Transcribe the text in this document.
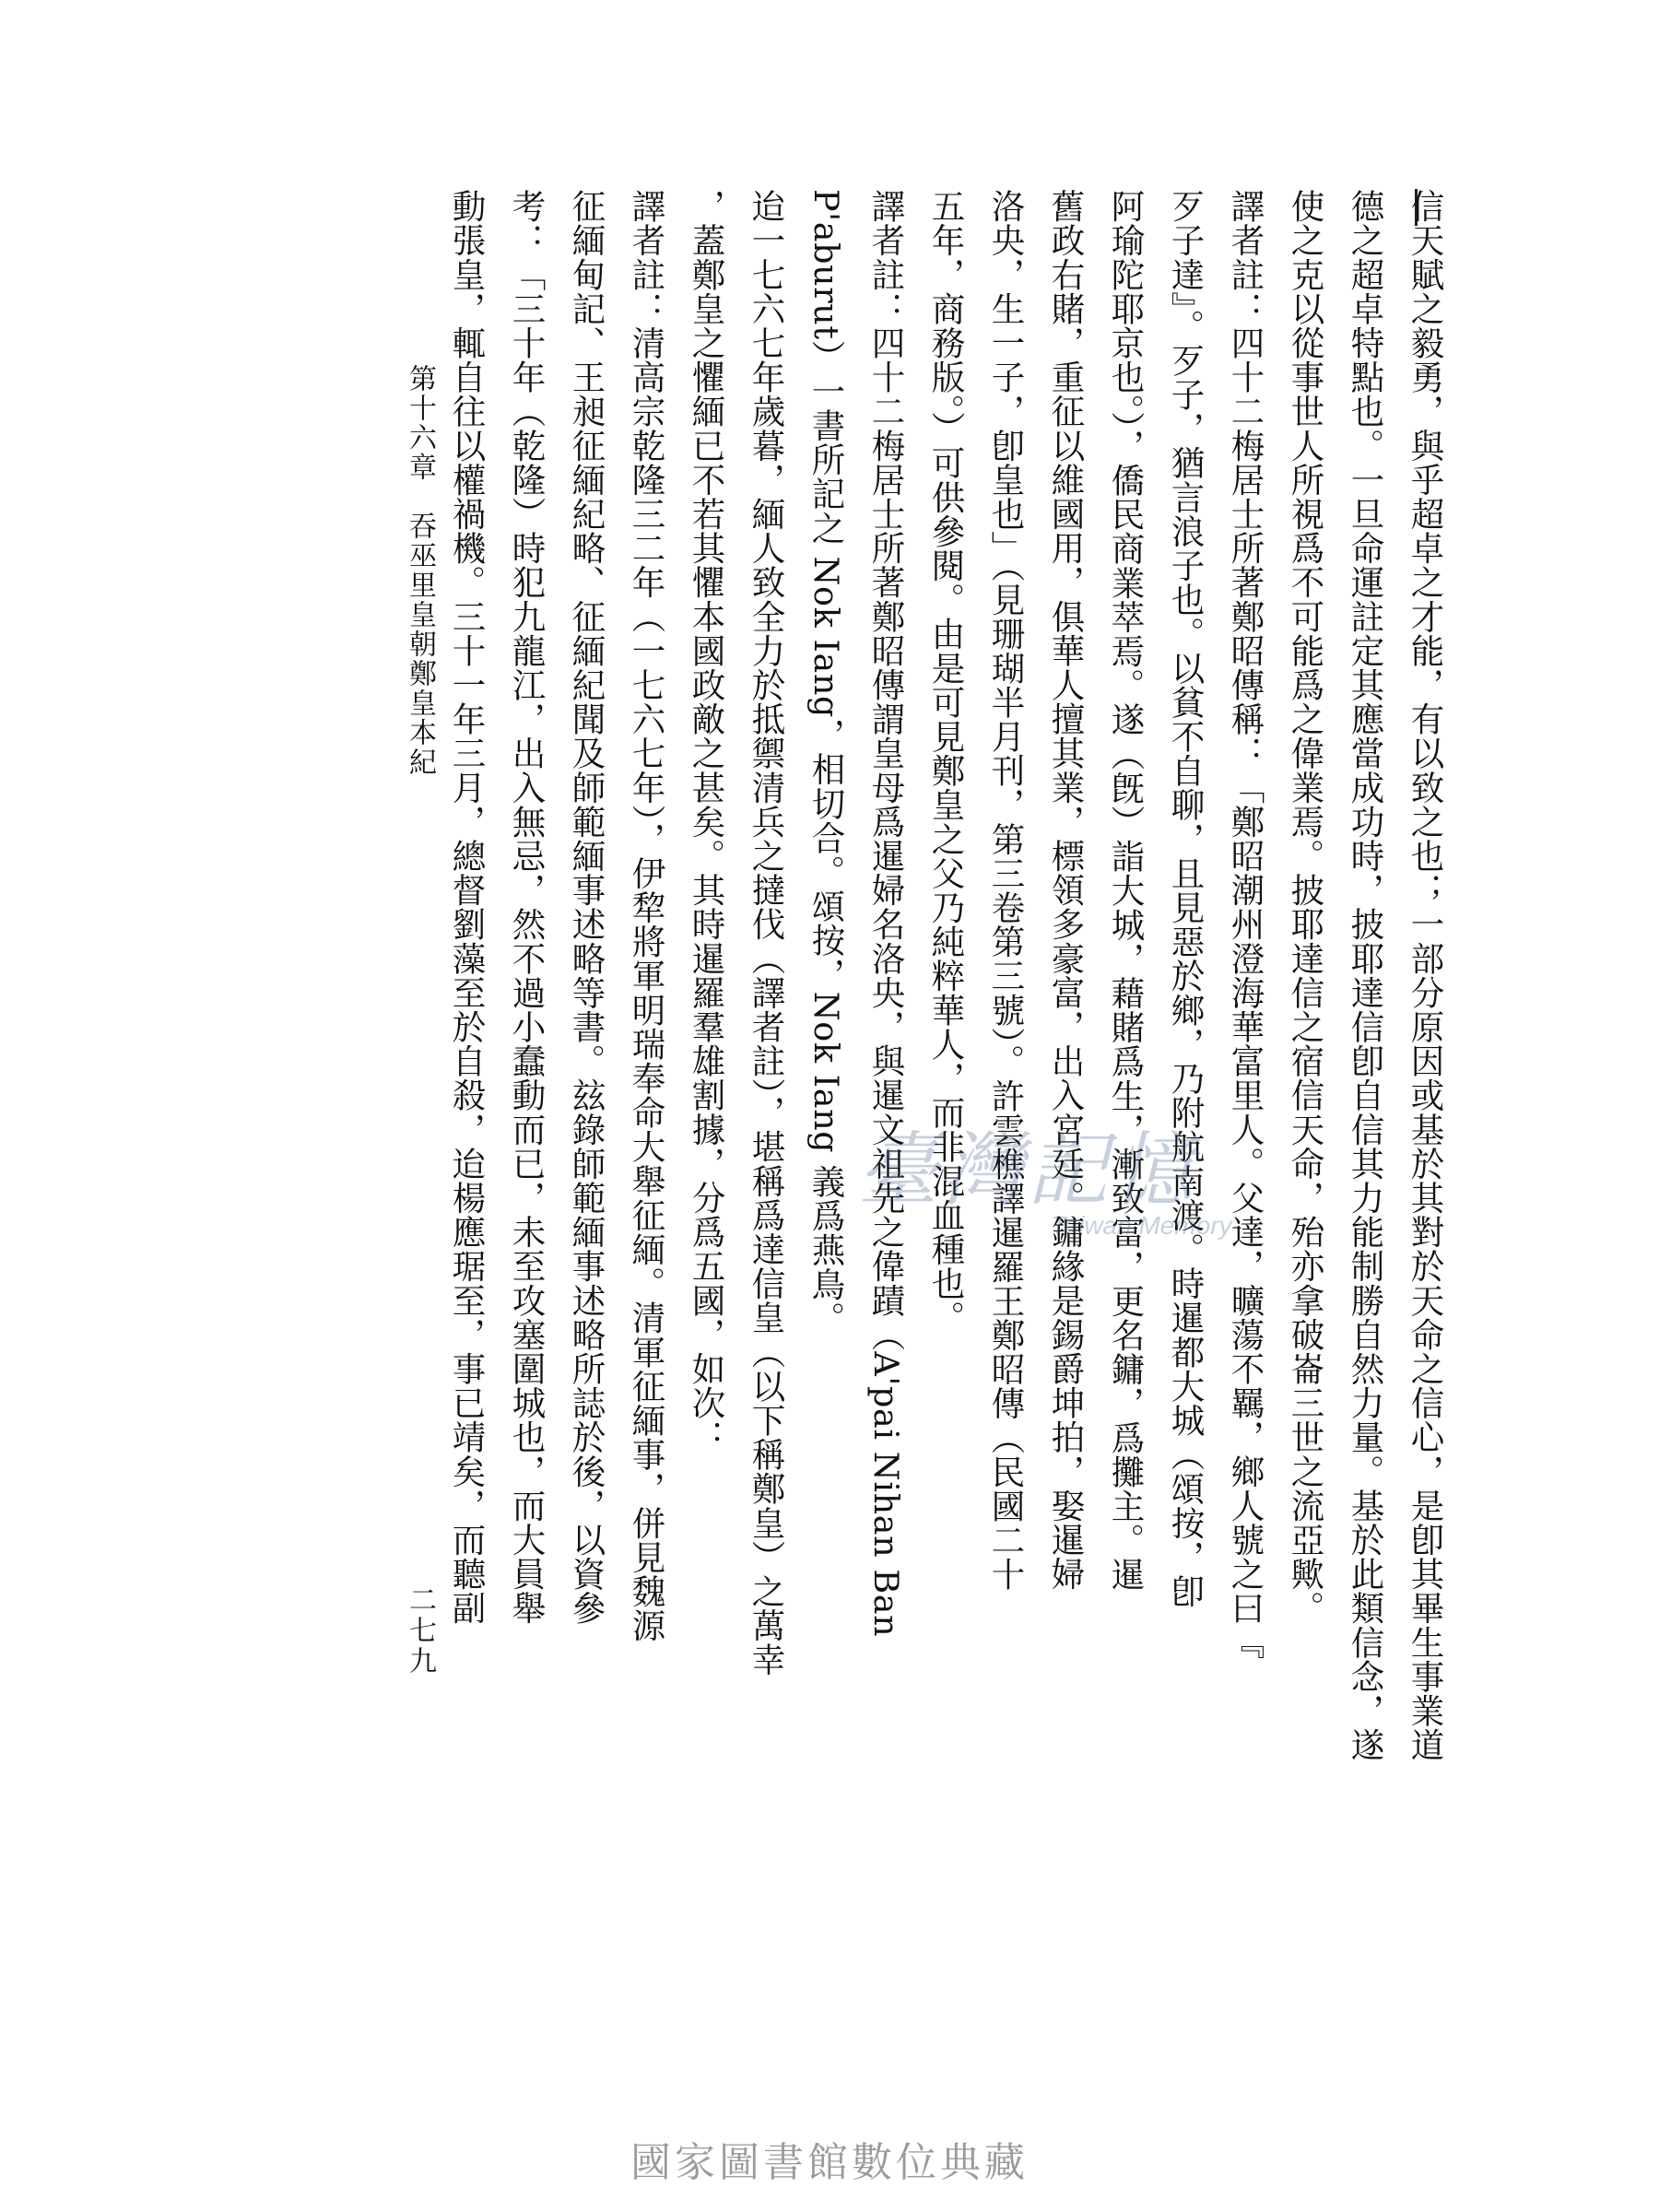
信天賦之毅勇，與乎超卓之才能，有以致之也；一部分原因或基於其對於天命之信心，是卽其畢生事業道
德之超卓特點也。一旦命運註定其應當成功時，披耶達信卽自信其力能制勝自然力量。基於此類信念，遂
使之克以從事世人所視爲不可能爲之偉業焉。披耶達信之宿信天命，殆亦拿破崙三世之流亞歟。
譯者註：四十二梅居士所著鄭昭傳稱：「鄭昭潮州澄海華富里人。父達，曠蕩不羈，鄉人號之曰『
歹子達』。歹子，猶言浪子也。以貧不自聊，且見惡於鄉，乃附航南渡。時暹都大城（頌按，卽
阿瑜陀耶京也。），僑民商業萃焉。遂（旣）詣大城，藉賭爲生，漸致富，更名鏞，爲攤主。暹
舊政右賭，重征以維國用，俱華人擅其業，標領多豪富，出入宮廷。鏞緣是錫爵坤拍，娶暹婦
洛央，生一子，卽皇也」（見珊瑚半月刊，第三卷第三號）。許雲樵譯暹羅王鄭昭傳（民國二十
五年，商務版。）可供參閱。由是可見鄭皇之父乃純粹華人，而非混血種也。
譯者註：四十二梅居士所著鄭昭傳謂皇母爲暹婦名洛央，與暹文祖先之偉蹟（A'pai Nihan Ban
P'aburut）一書所記之 Nok Iang，相切合。頌按，Nok Iang 義爲燕鳥。
迨一七六七年歲暮，緬人致全力於抵禦清兵之撻伐（譯者註），堪稱爲達信皇（以下稱鄭皇）之萬幸
，蓋鄭皇之懼緬已不若其懼本國政敵之甚矣。其時暹羅羣雄割據，分爲五國，如次：
譯者註：清高宗乾隆三二年（一七六七年），伊犂將軍明瑞奉命大舉征緬。清軍征緬事，併見魏源
征緬甸記、王昶征緬紀略、征緬紀聞及師範緬事述略等書。玆錄師範緬事述略所誌於後，以資參
考：「三十年（乾隆）時犯九龍江，出入無忌，然不過小蠢動而已，未至攻塞圍城也，而大員舉
動張皇，輒自往以權禍機。三十一年三月，總督劉藻至於自殺，迨楊應琚至，事已靖矣，而聽副
第十六章　吞巫里皇朝鄭皇本紀
二七九
臺灣記憶
Taiwan Memory
國家圖書館數位典藏
